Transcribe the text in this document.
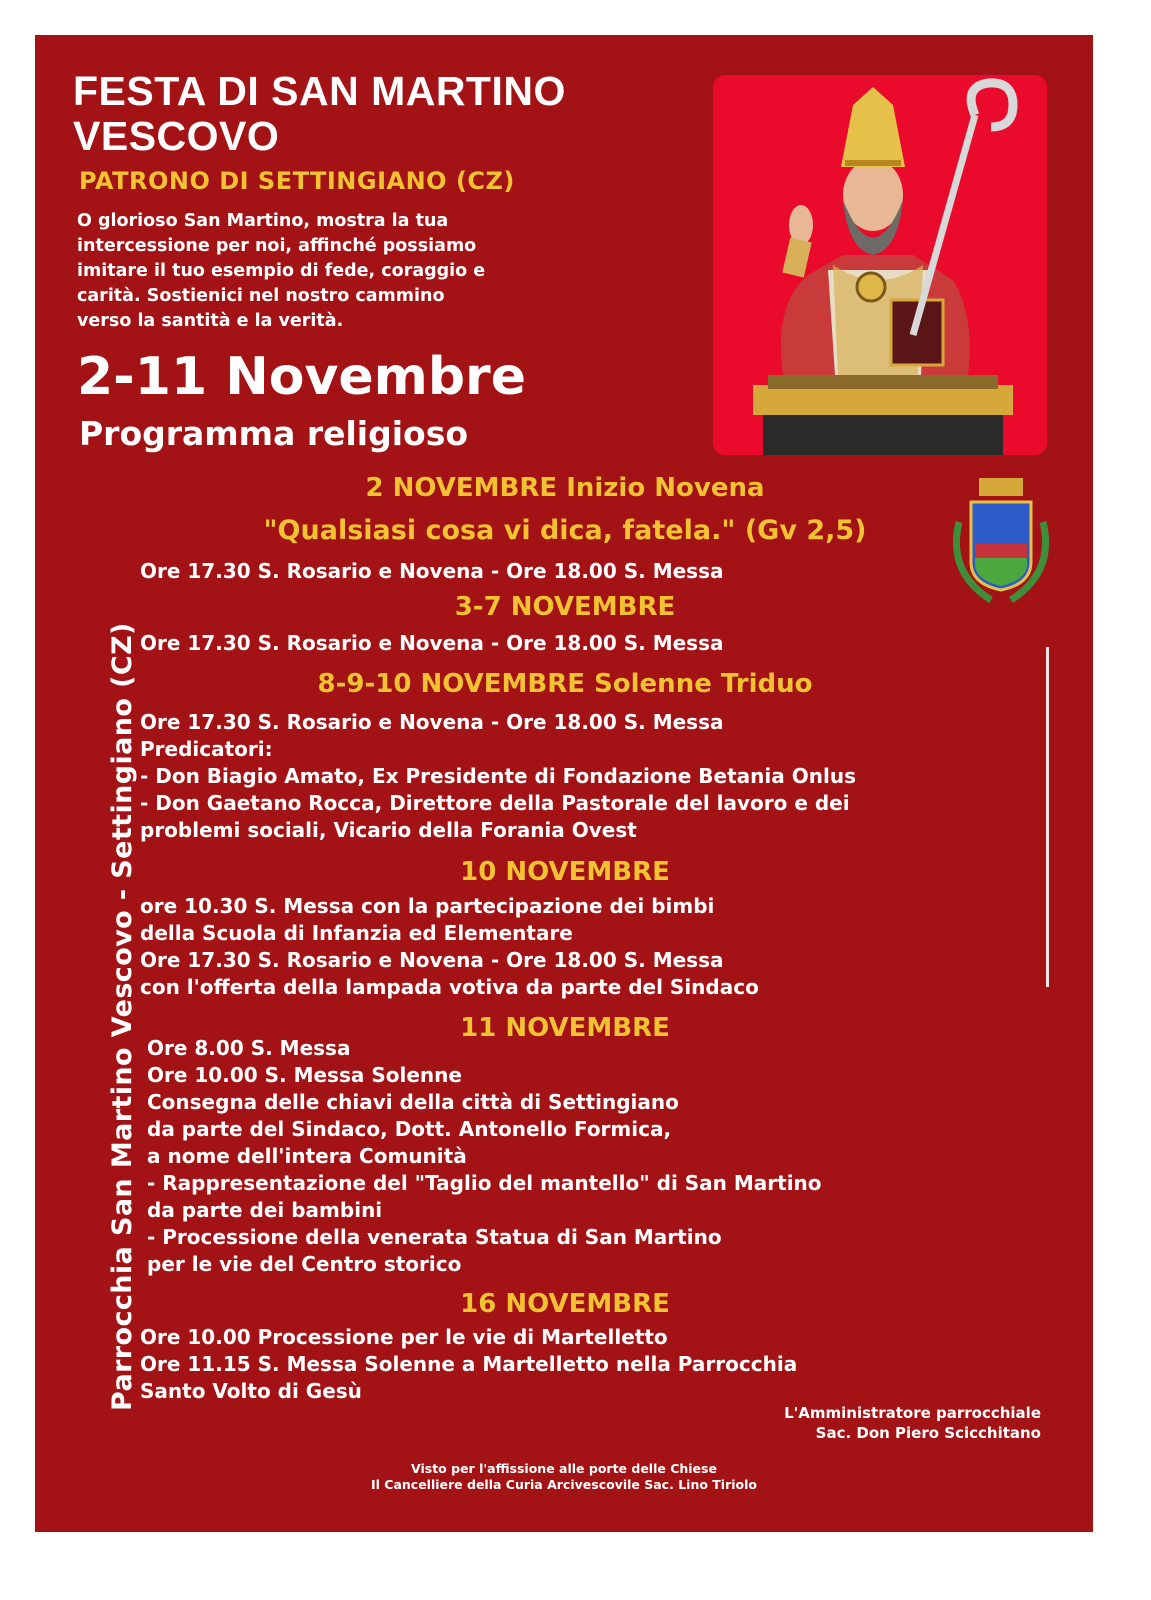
FESTA DI SAN MARTINO
VESCOVO
PATRONO DI SETTINGIANO (CZ)
O glorioso San Martino, mostra la tua
intercessione per noi, affinché possiamo
imitare il tuo esempio di fede, coraggio e
carità. Sostienici nel nostro cammino
verso la santità e la verità.
2-11 Novembre
Programma religioso
Parrocchia San Martino Vescovo - Settingiano (CZ)
2 NOVEMBRE Inizio Novena
"Qualsiasi cosa vi dica, fatela." (Gv 2,5)
Ore 17.30 S. Rosario e Novena - Ore 18.00 S. Messa
3-7 NOVEMBRE
Ore 17.30 S. Rosario e Novena - Ore 18.00 S. Messa
8-9-10 NOVEMBRE Solenne Triduo
Ore 17.30 S. Rosario e Novena - Ore 18.00 S. Messa
Predicatori:
- Don Biagio Amato, Ex Presidente di Fondazione Betania Onlus
- Don Gaetano Rocca, Direttore della Pastorale del lavoro e dei
problemi sociali, Vicario della Forania Ovest
10 NOVEMBRE
ore 10.30 S. Messa con la partecipazione dei bimbi
della Scuola di Infanzia ed Elementare
Ore 17.30 S. Rosario e Novena - Ore 18.00 S. Messa
con l'offerta della lampada votiva da parte del Sindaco
11 NOVEMBRE
Ore 8.00 S. Messa
Ore 10.00 S. Messa Solenne
Consegna delle chiavi della città di Settingiano
da parte del Sindaco, Dott. Antonello Formica,
a nome dell'intera Comunità
- Rappresentazione del "Taglio del mantello" di San Martino
da parte dei bambini
- Processione della venerata Statua di San Martino
per le vie del Centro storico
16 NOVEMBRE
Ore 10.00 Processione per le vie di Martelletto
Ore 11.15 S. Messa Solenne a Martelletto nella Parrocchia
Santo Volto di Gesù
L'Amministratore parrocchiale
Sac. Don Piero Scicchitano
Visto per l'affissione alle porte delle Chiese
Il Cancelliere della Curia Arcivescovile Sac. Lino Tiriolo
